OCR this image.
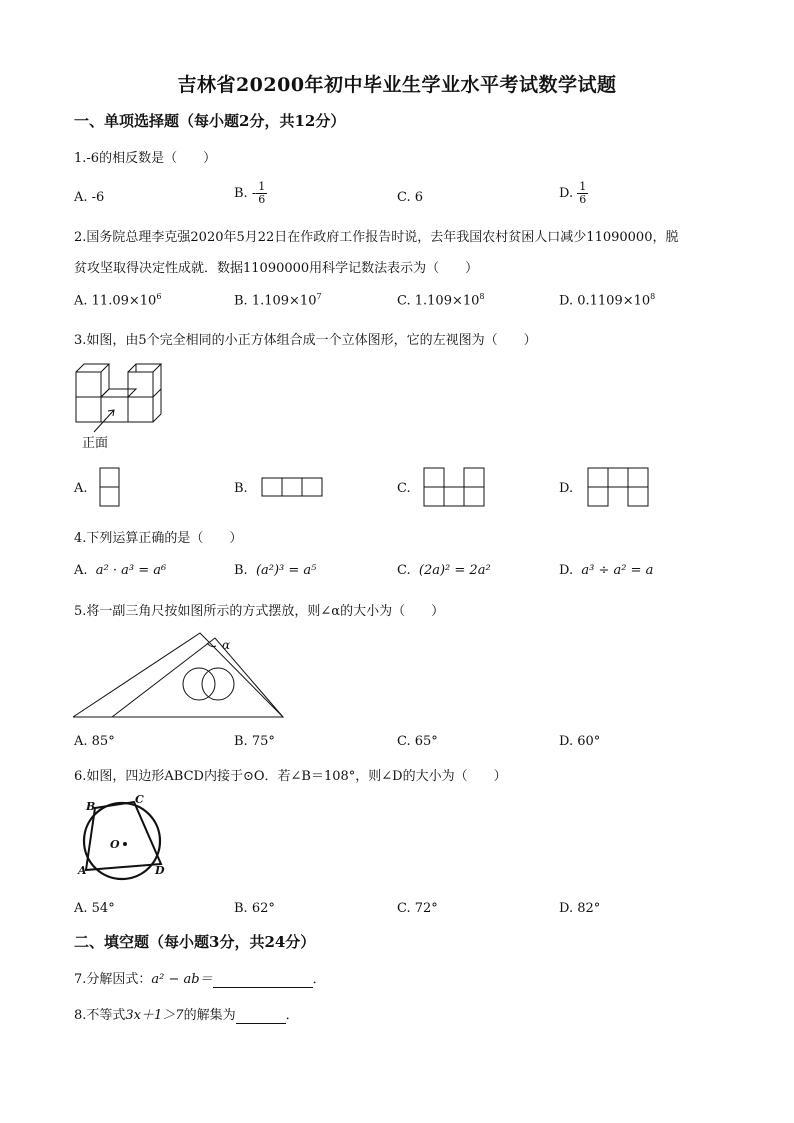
吉林省20200年初中毕业生学业水平考试数学试题
一、单项选择题（每小题2分，共12分）
1.-6的相反数是（　　）
A. -6	B. - $\frac{1}{6}$	C. 6	D. $\frac{1}{6}$
2.国务院总理李克强2020年5月22日在作政府工作报告时说，去年我国农村贫困人口减少11090000，脱
贫攻坚取得决定性成就．数据11090000用科学记数法表示为（　　）
A. $11.09\times 10^6$	B. $1.109\times 10^7$	C. $1.109\times 10^8$	D. $0.1109\times 10^8$
3.如图，由5个完全相同的小正方体组合成一个立体图形，它的左视图为（　　）
正面
A.	B.	C.	D.
4.下列运算正确的是（　　）
A. a² · a³ = a⁶	B. (a²)³ = a⁵	C. (2a)² = 2a²	D. a³ ÷ a² = a
5.将一副三角尺按如图所示的方式摆放，则∠α的大小为（　　）
α
A. 85°	B. 75°	C. 65°	D. 60°
6.如图，四边形ABCD内接于⊙O．若∠B＝108°，则∠D的大小为（　　）
B
C
O
A	D
A. 54°	B. 62°	C. 72°	D. 82°
二、填空题（每小题3分，共24分）
7.分解因式：a² − ab＝	．
8.不等式3x＋1＞7的解集为	．
